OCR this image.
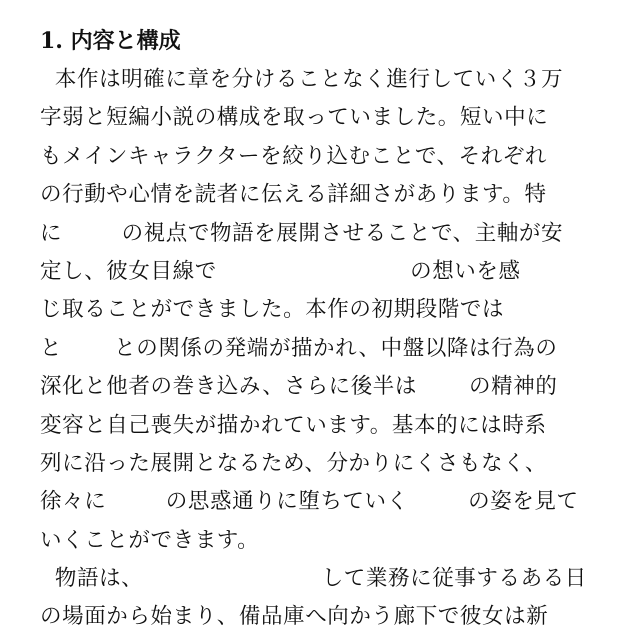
1. 内容と構成
本作は明確に章を分けることなく進行していく３万
字弱と短編小説の構成を取っていました。短い中に
もメインキャラクターを絞り込むことで、それぞれ
の行動や心情を読者に伝える詳細さがあります。特
に        の視点で物語を展開させることで、主軸が安
定し、彼女目線で                          の想いを感
じ取ることができました。本作の初期段階では
と       との関係の発端が描かれ、中盤以降は行為の
深化と他者の巻き込み、さらに後半は       の精神的
変容と自己喪失が描かれています。基本的には時系
列に沿った展開となるため、分かりにくさもなく、
徐々に        の思惑通りに堕ちていく        の姿を見て
いくことができます。
物語は、                        して業務に従事するある日
の場面から始まり、備品庫へ向かう廊下で彼女は新
